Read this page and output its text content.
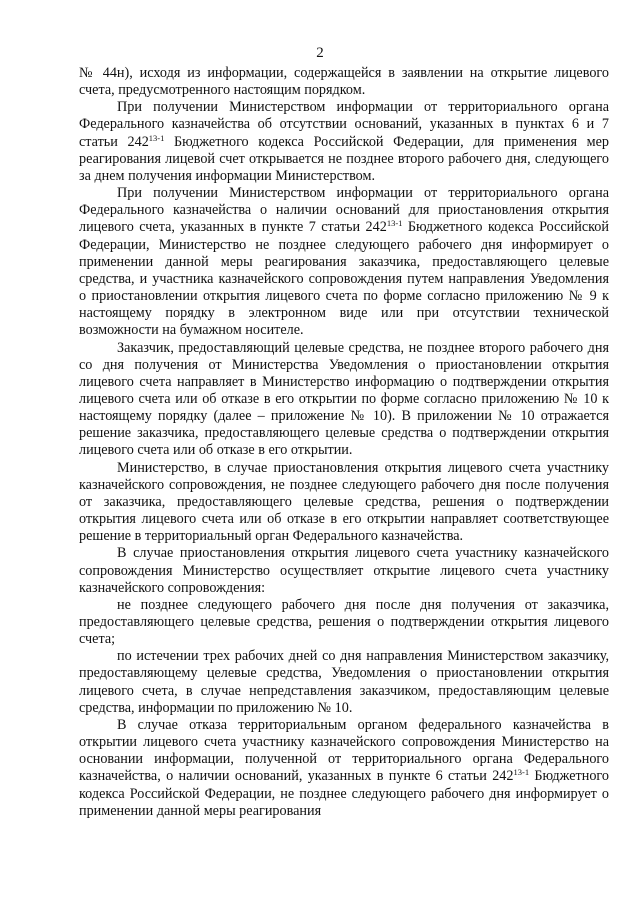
2

№ 44н), исходя из информации, содержащейся в заявлении на открытие лицевого счета, предусмотренного настоящим порядком.

При получении Министерством информации от территориального органа Федерального казначейства об отсутствии оснований, указанных в пунктах 6 и 7 статьи 242$^{13-1}$ Бюджетного кодекса Российской Федерации, для применения мер реагирования лицевой счет открывается не позднее второго рабочего дня, следующего за днем получения информации Министерством.

При получении Министерством информации от территориального органа Федерального казначейства о наличии оснований для приостановления открытия лицевого счета, указанных в пункте 7 статьи 242$^{13-1}$ Бюджетного кодекса Российской Федерации, Министерство не позднее следующего рабочего дня информирует о применении данной меры реагирования заказчика, предоставляющего целевые средства, и участника казначейского сопровождения путем направления Уведомления о приостановлении открытия лицевого счета по форме согласно приложению № 9 к настоящему порядку в электронном виде или при отсутствии технической возможности на бумажном носителе.

Заказчик, предоставляющий целевые средства, не позднее второго рабочего дня со дня получения от Министерства Уведомления о приостановлении открытия лицевого счета направляет в Министерство информацию о подтверждении открытия лицевого счета или об отказе в его открытии по форме согласно приложению № 10 к настоящему порядку (далее – приложение № 10). В приложении № 10 отражается решение заказчика, предоставляющего целевые средства о подтверждении открытия лицевого счета или об отказе в его открытии.

Министерство, в случае приостановления открытия лицевого счета участнику казначейского сопровождения, не позднее следующего рабочего дня после получения от заказчика, предоставляющего целевые средства, решения о подтверждении открытия лицевого счета или об отказе в его открытии направляет соответствующее решение в территориальный орган Федерального казначейства.

В случае приостановления открытия лицевого счета участнику казначейского сопровождения Министерство осуществляет открытие лицевого счета участнику казначейского сопровождения:

не позднее следующего рабочего дня после дня получения от заказчика, предоставляющего целевые средства, решения о подтверждении открытия лицевого счета;

по истечении трех рабочих дней со дня направления Министерством заказчику, предоставляющему целевые средства, Уведомления о приостановлении открытия лицевого счета, в случае непредставления заказчиком, предоставляющим целевые средства, информации по приложению № 10.

В случае отказа территориальным органом федерального казначейства в открытии лицевого счета участнику казначейского сопровождения Министерство на основании информации, полученной от территориального органа Федерального казначейства, о наличии оснований, указанных в пункте 6 статьи 242$^{13-1}$ Бюджетного кодекса Российской Федерации, не позднее следующего рабочего дня информирует о применении данной меры реагирования
